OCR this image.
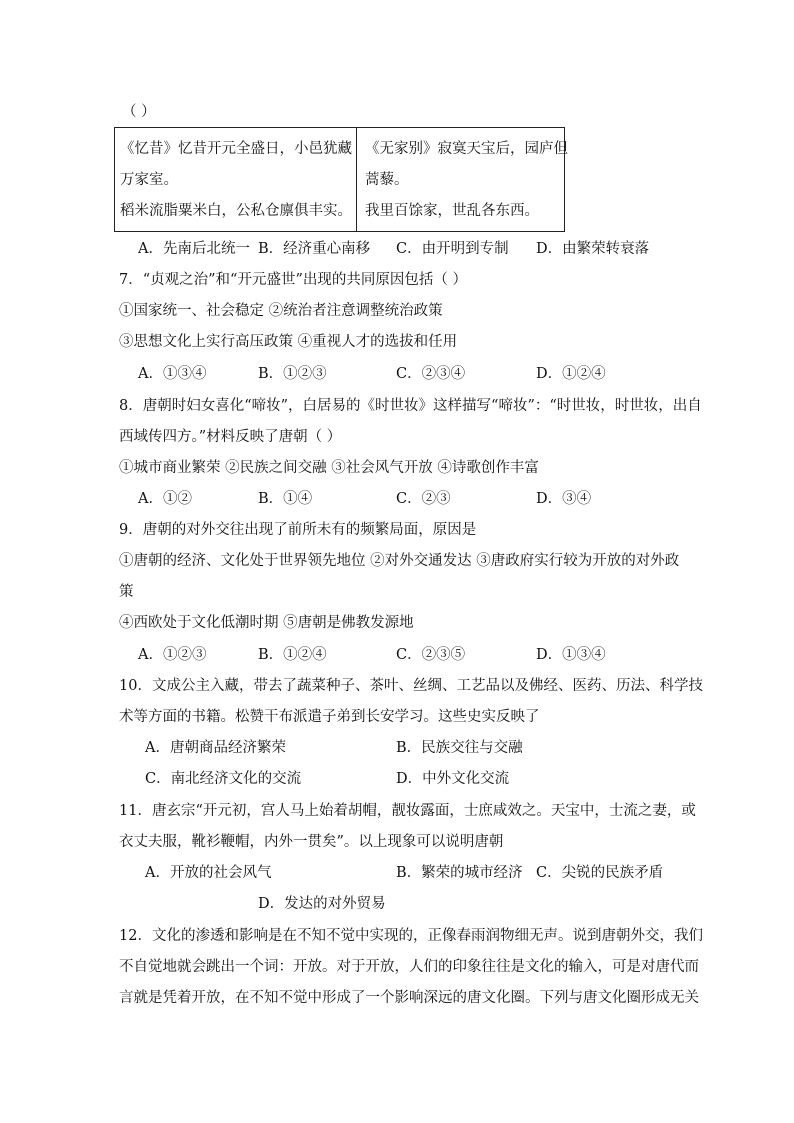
（ ）
《忆昔》忆昔开元全盛日，小邑犹藏
万家室。
稻米流脂粟米白，公私仓廪俱丰实。
《无家别》寂寞天宝后，园庐但
蒿藜。
我里百馀家，世乱各东西。
A．先南后北统一 B．经济重心南移 C．由开明到专制 D．由繁荣转衰落
7．“贞观之治”和“开元盛世”出现的共同原因包括（ ）
①国家统一、社会稳定 ②统治者注意调整统治政策
③思想文化上实行高压政策 ④重视人才的选拔和任用
A．①③④	B．①②③	C．②③④	D．①②④
8．唐朝时妇女喜化“啼妆”，白居易的《时世妆》这样描写“啼妆”：“时世妆，时世妆，出自
西域传四方。”材料反映了唐朝（ ）
①城市商业繁荣 ②民族之间交融 ③社会风气开放 ④诗歌创作丰富
A．①②	B．①④	C．②③	D．③④
9．唐朝的对外交往出现了前所未有的频繁局面，原因是
①唐朝的经济、文化处于世界领先地位 ②对外交通发达 ③唐政府实行较为开放的对外政
策
④西欧处于文化低潮时期 ⑤唐朝是佛教发源地
A．①②③	B．①②④	C．②③⑤	D．①③④
10．文成公主入藏，带去了蔬菜种子、茶叶、丝绸、工艺品以及佛经、医药、历法、科学技
术等方面的书籍。松赞干布派遣子弟到长安学习。这些史实反映了
A．唐朝商品经济繁荣	B．民族交往与交融
C．南北经济文化的交流	D．中外文化交流
11．唐玄宗“开元初，宫人马上始着胡帽，靓妆露面，士庶咸效之。天宝中，士流之妻，或
衣丈夫服，靴衫鞭帽，内外一贯矣”。以上现象可以说明唐朝
A．开放的社会风气	B．繁荣的城市经济 C．尖锐的民族矛盾
D．发达的对外贸易
12．文化的渗透和影响是在不知不觉中实现的，正像春雨润物细无声。说到唐朝外交，我们
不自觉地就会跳出一个词：开放。对于开放，人们的印象往往是文化的输入，可是对唐代而
言就是凭着开放，在不知不觉中形成了一个影响深远的唐文化圈。下列与唐文化圈形成无关
